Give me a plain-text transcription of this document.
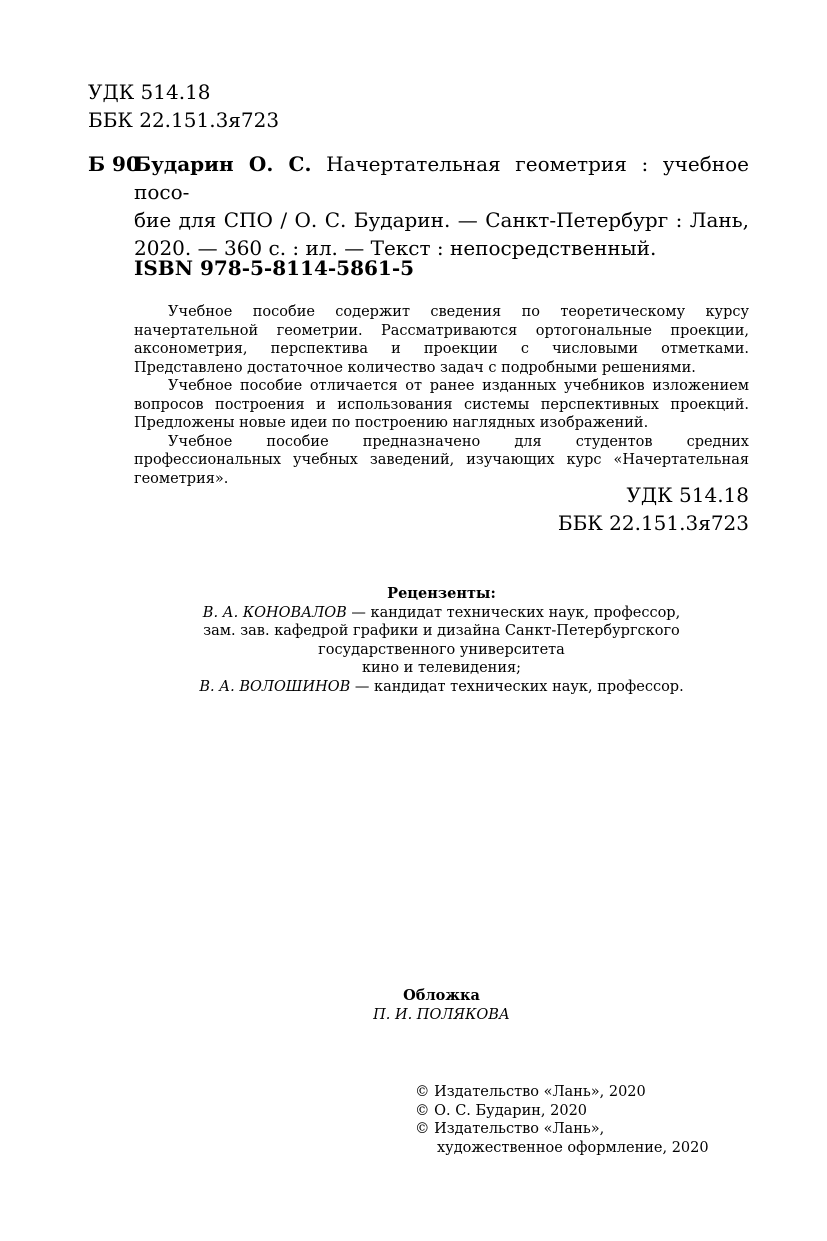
УДК 514.18
ББК 22.151.3я723
Б 90
Бударин О. С. Начертательная геометрия : учебное посо-
бие для СПО / О. С. Бударин. — Санкт-Петербург : Лань,
2020. — 360 с. : ил. — Текст : непосредственный.
ISBN 978-5-8114-5861-5

Учебное пособие содержит сведения по теоретическому курсу начертательной геометрии. Рассматриваются ортогональные проекции, аксонометрия, перспектива и проекции с числовыми отметками. Представлено достаточное количество задач с подробными решениями.

Учебное пособие отличается от ранее изданных учебников изложением вопросов построения и использования системы перспективных проекций. Предложены новые идеи по построению наглядных изображений.

Учебное пособие предназначено для студентов средних профессиональных учебных заведений, изучающих курс «Начертательная геометрия».

УДК 514.18
ББК 22.151.3я723
Рецензенты:
В. А. КОНОВАЛОВ — кандидат технических наук, профессор,
зам. зав. кафедрой графики и дизайна Санкт-Петербургского
государственного университета
кино и телевидения;
В. А. ВОЛОШИНОВ — кандидат технических наук, профессор.
Обложка
П. И. ПОЛЯКОВА
© Издательство «Лань», 2020
© О. С. Бударин, 2020
© Издательство «Лань»,
художественное оформление, 2020
